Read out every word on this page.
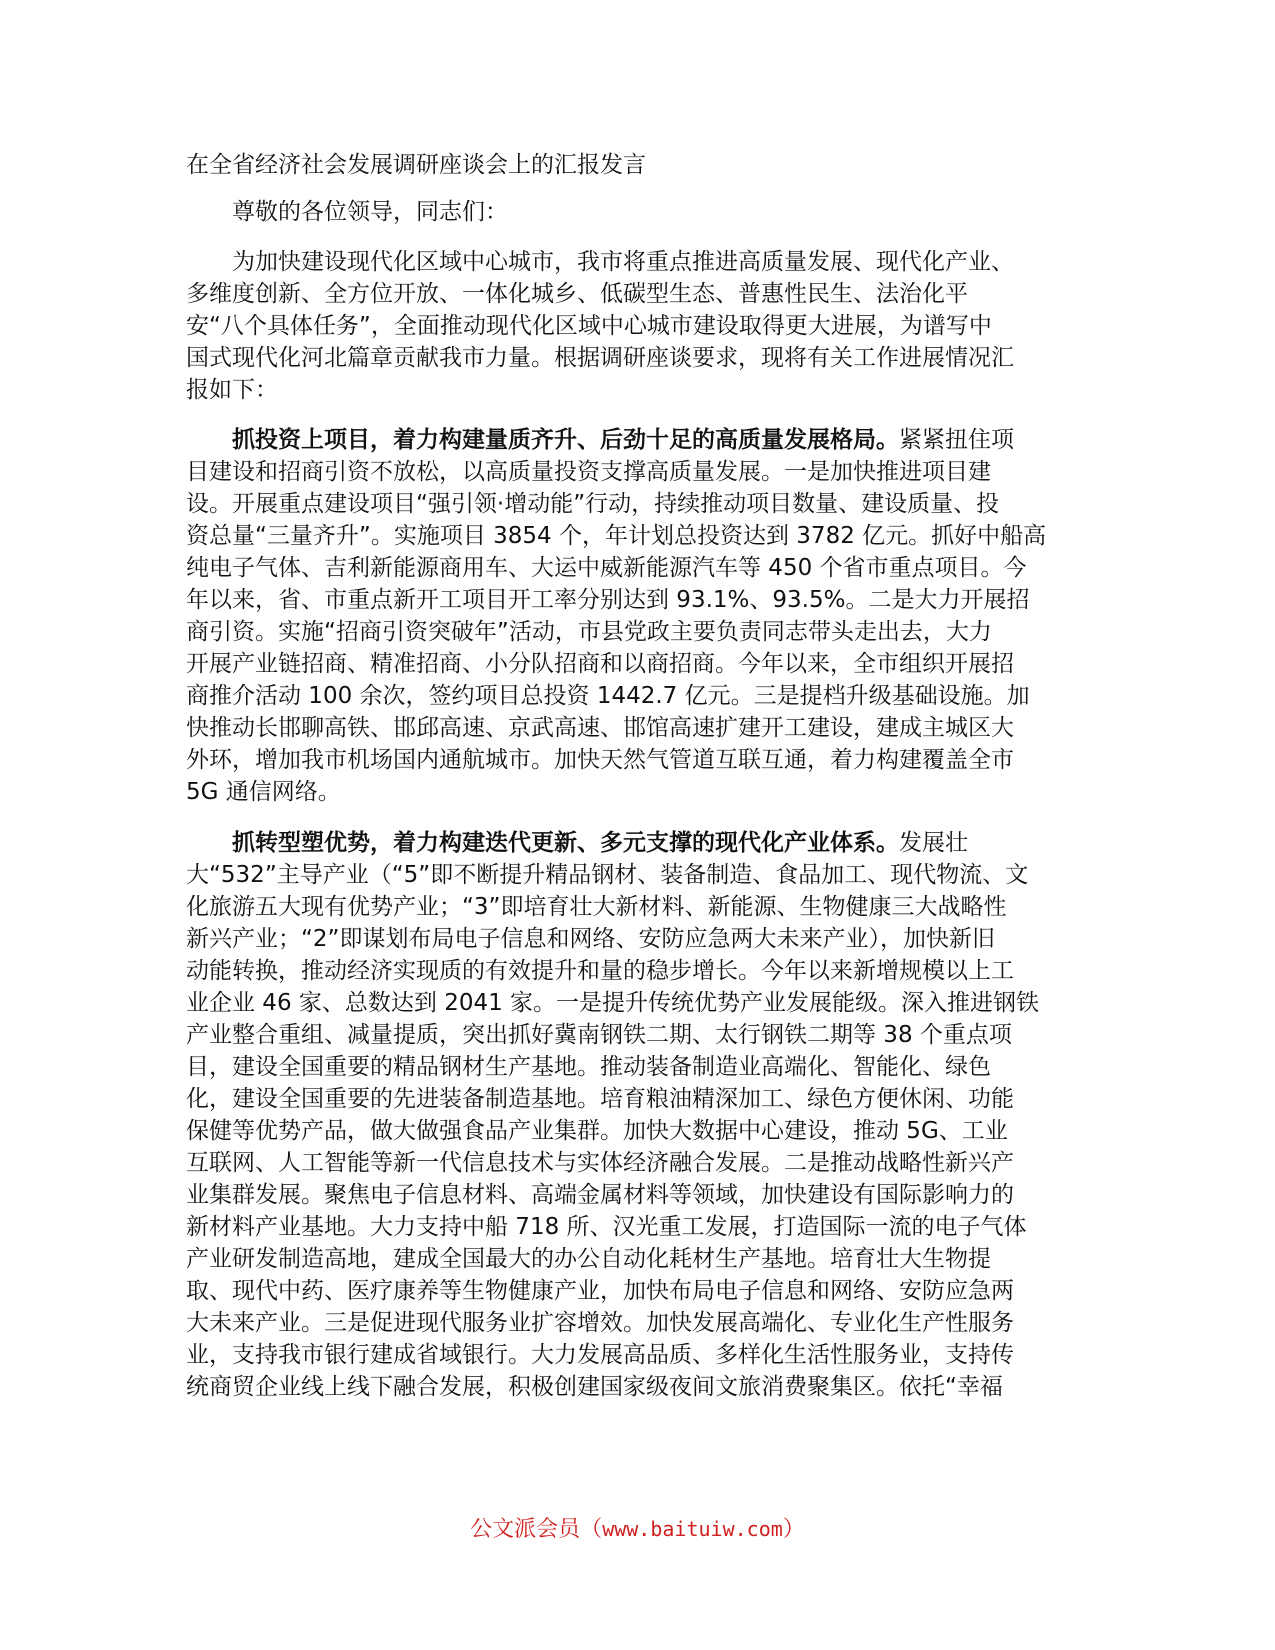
在全省经济社会发展调研座谈会上的汇报发言
尊敬的各位领导，同志们：
为加快建设现代化区域中心城市，我市将重点推进高质量发展、现代化产业、
多维度创新、全方位开放、一体化城乡、低碳型生态、普惠性民生、法治化平
安“八个具体任务”，全面推动现代化区域中心城市建设取得更大进展，为谱写中
国式现代化河北篇章贡献我市力量。根据调研座谈要求，现将有关工作进展情况汇
报如下：
抓投资上项目，着力构建量质齐升、后劲十足的高质量发展格局。紧紧扭住项
目建设和招商引资不放松，以高质量投资支撑高质量发展。一是加快推进项目建
设。开展重点建设项目“强引领·增动能”行动，持续推动项目数量、建设质量、投
资总量“三量齐升”。实施项目 3854 个，年计划总投资达到 3782 亿元。抓好中船高
纯电子气体、吉利新能源商用车、大运中威新能源汽车等 450 个省市重点项目。今
年以来，省、市重点新开工项目开工率分别达到 93.1%、93.5%。二是大力开展招
商引资。实施“招商引资突破年”活动，市县党政主要负责同志带头走出去，大力
开展产业链招商、精准招商、小分队招商和以商招商。今年以来，全市组织开展招
商推介活动 100 余次，签约项目总投资 1442.7 亿元。三是提档升级基础设施。加
快推动长邯聊高铁、邯邱高速、京武高速、邯馆高速扩建开工建设，建成主城区大
外环，增加我市机场国内通航城市。加快天然气管道互联互通，着力构建覆盖全市
5G 通信网络。
抓转型塑优势，着力构建迭代更新、多元支撑的现代化产业体系。发展壮
大“532”主导产业（“5”即不断提升精品钢材、装备制造、食品加工、现代物流、文
化旅游五大现有优势产业；“3”即培育壮大新材料、新能源、生物健康三大战略性
新兴产业；“2”即谋划布局电子信息和网络、安防应急两大未来产业），加快新旧
动能转换，推动经济实现质的有效提升和量的稳步增长。今年以来新增规模以上工
业企业 46 家、总数达到 2041 家。一是提升传统优势产业发展能级。深入推进钢铁
产业整合重组、减量提质，突出抓好冀南钢铁二期、太行钢铁二期等 38 个重点项
目，建设全国重要的精品钢材生产基地。推动装备制造业高端化、智能化、绿色
化，建设全国重要的先进装备制造基地。培育粮油精深加工、绿色方便休闲、功能
保健等优势产品，做大做强食品产业集群。加快大数据中心建设，推动 5G、工业
互联网、人工智能等新一代信息技术与实体经济融合发展。二是推动战略性新兴产
业集群发展。聚焦电子信息材料、高端金属材料等领域，加快建设有国际影响力的
新材料产业基地。大力支持中船 718 所、汉光重工发展，打造国际一流的电子气体
产业研发制造高地，建成全国最大的办公自动化耗材生产基地。培育壮大生物提
取、现代中药、医疗康养等生物健康产业，加快布局电子信息和网络、安防应急两
大未来产业。三是促进现代服务业扩容增效。加快发展高端化、专业化生产性服务
业，支持我市银行建成省域银行。大力发展高品质、多样化生活性服务业，支持传
统商贸企业线上线下融合发展，积极创建国家级夜间文旅消费聚集区。依托“幸福
公文派会员（www.baituiw.com）
